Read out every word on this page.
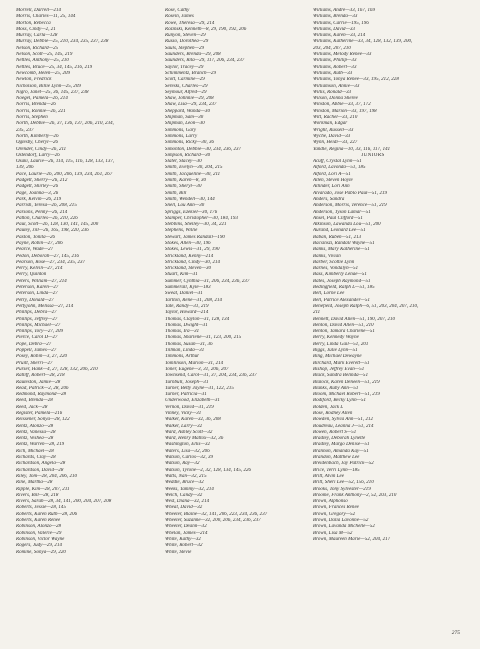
Morrell, Darrell—214
Morris, Charles—11, 25, 144
Morton, Rebecca
Moss, Cindy—2, 21
Murray, Carla—128
Murray, Debbie—25, 210, 234, 235, 237, 238
Nelson, Richard—25
Nelson, Scott—25, 145, 219
Nettles, Anthony—25, 210
Nettles, Bruce—25, 34, 145, 216, 219
Newcomb, Helen—25, 209
Newton, Fredrick
Nicholson, Billie Lynn—25, 209
Nigro, Janet—25, 36, 145, 237, 238
Noegel, Pamela—26, 214
Norris, Brenda—26
Norris, Ronnie—26, 221
Norris, Stephen
North, Debbie—26, 37, 136, 137, 206, 210, 234,
235, 237
North, Kimberly—26
Oglesby, Cheryl—26
Orender, Cindy—26, 211
Ostendorf, Larry—26
Osaki, Laurie—26, 114, 115, 116, 128, 133, 137,
139, 206
Pace, Laurie—26, 200, 206, 139, 234, 261, 267
Padgett, Sherry—26, 212
Padgett, Shirley—26
Page, Joanna—3, 26
Park, Kelvin—26, 219
Parrish, Teresa—26, 208, 215
Parsons, Penny—26, 214
Patton, Charles—26, 210, 226
Paul, Scott—26, 128, 130, 141, 145, 200
Pauley, Jill—26, 165, 198, 220, 236
Paxton, Tonita—26
Payne, Robin—27, 206
Pearce, Wade—27
Pedon, Deborah—27, 145, 216
Pearson, Rose—27, 234, 235, 237
Perry, Kelvin—27, 214
Perry, Quinton
Peters, William—27, 214
Peterson, Karen—27
Peterson, Linda—27
Petry, Donald—27
Pettyjohn, Melissa—27, 214
Phillips, Debra—27
Phillips, Jeffrey—27
Phillips, Michael—27
Phillips, Tory—27, 209
Pierce, Carol D—27
Pope, Debra—27
Poppell, James—27
Posey, Robin—3, 27, 220
Pruitt, Sherri—27
Purser, Hank—4, 27, 128, 132, 206, 210
Ratliff, Robert—28, 218
Rauleston, Jamie—28
Read, Patrick—2, 28, 206
Redmond, Raymond—28
Reed, Brenda—28
Reed, Jack—28
Register, Pamela—216
Reissener, Sonya—28, 122
Rentz, Alonzo—28
Rentz, Vanessa—28
Rentz, Veshea—28
Rentz, Warren—28, 219
Rich, Michael—28
Richards, Clay—28
Richardson, Angela—28
Richardson, David—28
Riley, Tom—28, 204, 206, 210
Rine, Martha—28
Ripple, Kim—28, 207, 211
Rivers, Bill—28, 218
Rivers, Sarah—28, 34, 141, 200, 204, 207, 208
Roberts, Jessie—28, 145
Roberts, Karen Ruth—28, 206
Roberts, Karen Renee
Robinson, Alonzo—28
Robinson, Valerie—29
Robinson, Victor Wayne
Rogers, Judy—29, 214
Romine, Sonya—29, 220
Rose, Cathy
Rosein, James
Rowe, Theresa—29, 214
Rozinski, Kenneth—8, 29, 190, 192, 206
Runyon, Steven—29
Russo, Dorothea—29
Sauls, Stephen—29
Saunders, Brenda—29, 208
Saunders, Rita—29, 117, 206, 234, 237
Saylor, Tracey—29
Schimmentz, Branch—29
Scott, Carmine—29
Sereski, Charles—29
Seymour, Alfred—29
Shaw, Johnnie—29, 208
Shaw, Lisa—29, 234, 237
Sheppard, Wanda—30
Shipman, Sam—30
Shipman, Leon—30
Simmons, Gary
Simmons, Larry
Simmons, Ricky—30, 36
Simonton, Debbie—30, 234, 236, 237
Simpson, Richard—30
Slater, Stacey—30
Smith, Evelyn—30, 204, 215
Smith, Jacqueline—30, 211
Smith, Karen—8, 30
Smith, Sheryl—30
Smith, Bill
Smith, Wendell—30, 144
Snell, Lou Ann—30
Spriggs, Ezekiel—30, 176
Stamper, Christopher—30, 184, 193
Stebbins, Shelley—30, 34, 221
Stephens, Willie
Stewart, James Randall—190
Stokes, Allen—30, 196
Stokes, Lewis—31, 29, 190
Strickland, Kenny—214
Strickland, Cindy—30, 214
Strickland, Steven—30
Stuart, Kim—31
Summer, Cynthia—31, 206, 234, 236, 237
Summerall, Kyle—183
Sweat, Daniel—31
Tarlton, Rene—31, 208, 214
Tate, Randy—31, 219
Taylor, Howard—214
Thomas, Clayton—31, 128, 134
Thomas, Dwight—31
Thomas, Ira—31
Thomas, Sharlene—31, 123, 200, 215
Thomas, Susan—31, 36
Tillman, Linda—31
Timmons, Arthur
Tomlinson, Marion—31, 214
Toner, Eugene—3, 31, 206, 207
Townsend, Carol—31, 37, 204, 234, 236, 237
Turnbull, Joseph—31
Turner, Betty Jayne—31, 122, 215
Turner, Patricia—31
Underwood, Elizabeth—31
Vernon, David—31, 219
Vinney, Vicky—31
Walker, Karen—32, 36, 208
Walker, Larry—32
Ward, Ashley Scott—32
Ward, Henry Mattox—32, 36
Washington, Ellis—32
Waters, Lisa—32, 206
Watson, Carlos—32, 39
Watson, Ray—32
Watson, Tyrone—2, 32, 128, 134, 145, 226
Watts, Nan—32, 215
Weddle, Bruce—32
Weeks, Tammy—32, 214
Welch, Candy—32
West, Diana—32, 214
Wheat, David—32
Wheeler, Blaine—32, 141, 206, 223, 234, 236, 237
Wheeler, Suzanne—32, 200, 206, 234, 236, 237
Wheeler, Deann—32
Whelan, James—214
White, Kathy—32
White, Robert—32
White, Stevie
Williams, Andre—33, 167, 169
Williams, Brenda—33
Williams, Carrie—195, 196
Williams, David—33
Williams, Karen—33, 214
Williams, Katherine—33, 34, 128, 132, 139, 200,
203, 204, 207, 210
Williams, Melody Renee—33
Williams, Phillip—33
Williams, Robert—33
Williams, Ruth—33
Williams, Tonya Renee—33, 195, 212, 228
Williamson, Annie—33
Willis, Ronald—33
Wilson, Donna Sheree
Winston, Abbie—33, 37, 172
Winston, Marion—33, 197, 198
Witt, Rachel—33, 210
Workman, Edgar
Wright, Russell—33
Wyche, David—33
Wynn, Heidi—33, 227
Yandle, Regina—10, 33, 116, 117, 141
JUNIORS
Acuff, Crystal Lynn—51
Alford, Lavonda—51, 185
Alford, Lori A—51
Allen, Steven Hoyle
Allinder, Lori Ann
Alvarado, Jose Pablo Paul—51, 219
Anders, Sandra
Anderson, Morris, Terence—51, 219
Anderson, Tyson Lamar—51
Ansel, Paul Clifford—51
Atkinson, Lawanda Lou—51, 200
Aurand, Leonard Lee—51
Baban, Ruben—51, 213
Bacsinszi, Randall Wayne—51
Banks, Mary Katherine—51
Banks, Vivian
Barber, Scottie Lynn
Barnes, Vondalyn—51
Bass, Kimberly Lenae—51
Bates, Joseph Raymond—51
Bedingfield, Ralph L—51, 185
Bell, Lorne Lee
Bell, Patrice Alexander—51
Benefield, Joseph Ralph—6, 51, 203, 204, 207, 210,
211
Bennett, David Allen—51, 190, 207, 210
Benton, David Allen—51, 210
Benton, Tamara Charlene—51
Berry, Kennedy Wayne
Berry, Linda Gail—51, 201
Biggs, Julie Lynn—51
Bing, Michael Dewayne
Birchard, Mark Everett—51
Bishop, Jeffrey Evan—51
Black, Sandra Belinda—51
Blalock, Karen Deneen—51, 219
Blanks, Ruby Ann—51
Bloom, Michael Robert—51, 219
Bodiford, Becky Lynn—51
Bolden, Jack L
Bose, Rodney Allen
Bowden, Sylvia Ann—51, 212
Boudreau, Leanna J—51, 214
Bowen, Robert S—51
Bradley, Deborah Lynette
Bradley, Margo Denise—51
Brannon, Amanda Kay—51
Brandon, Matthew Lee
Breidenbach, Jay Patrick—52
Brice, Terri Lynn—185
Britt, Alvin Lee
Britt, Sheri Lee—52, 156, 210
Brooks, Tony Sylvester—219
Broome, Frank Anthony—2, 52, 203, 210
Brown, Alphonso
Brown, Frances Renee
Brown, Gregory—52
Brown, Dalia Lavonne—52
Brown, Lavanda Michelle—52
Brown, Lisa M—52
Brown, Maureen Marie—52, 204, 217
275
